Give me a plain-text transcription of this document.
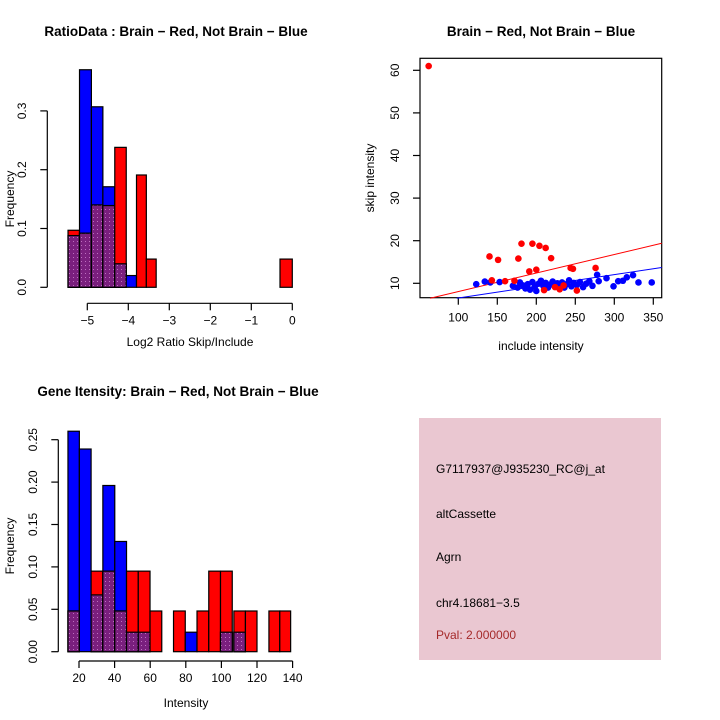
RatioData : Brain − Red, Not Brain − Blue
Log2 Ratio Skip/Include
Frequency
−5 −4 −3 −2 −1	0
0.0
0.1
0.2
0.3
Brain − Red, Not Brain − Blue
include intensity
skip intensity
100 150 200 250 300 350
10
20
30
40
50
60
Gene Itensity: Brain − Red, Not Brain − Blue
Intensity
Frequency
20 40 60 80 100 120 140
0.00
0.05
0.10
0.15
0.20
0.25
G7117937@J935230_RC@j_at
altCassette
Agrn
chr4.18681−3.5
Pval: 2.000000
